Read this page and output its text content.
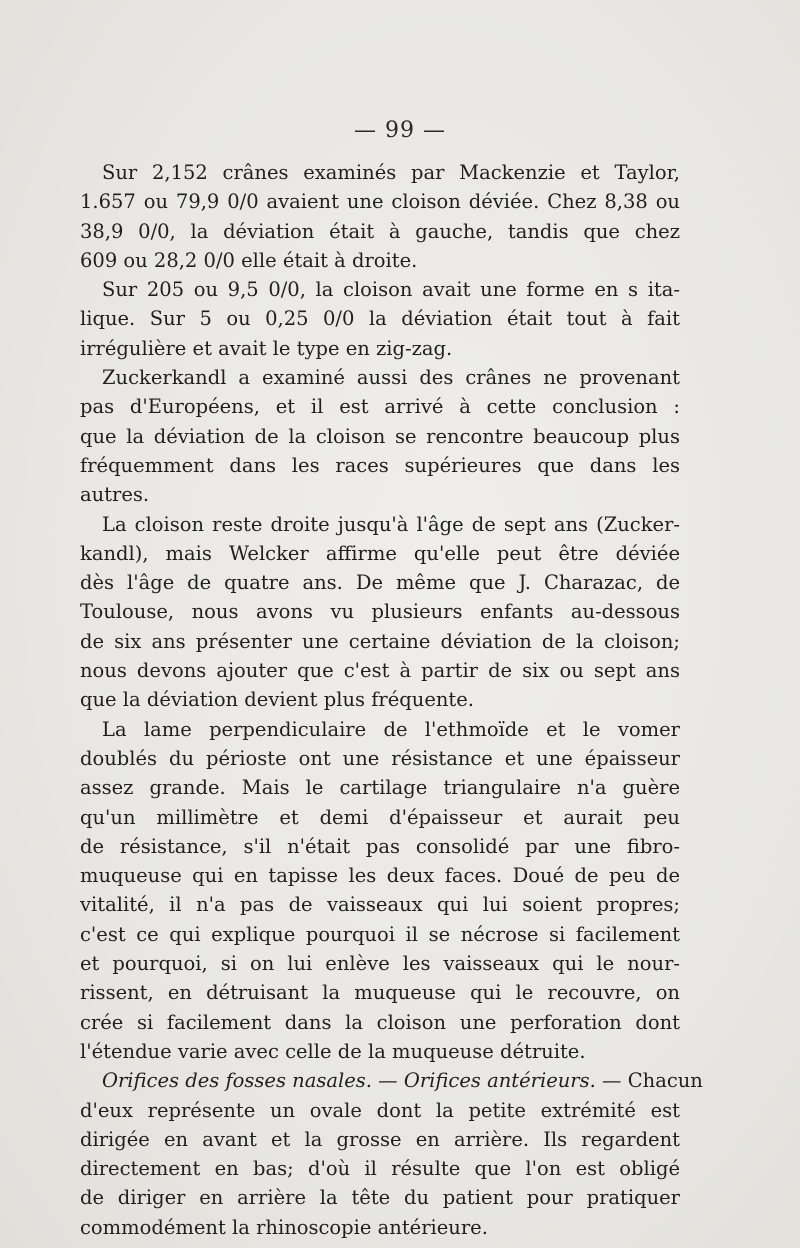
— 99 —
Sur 2,152 crânes examinés par Mackenzie et Taylor,
1.657 ou 79,9 0/0 avaient une cloison déviée. Chez 8,38 ou
38,9 0/0, la déviation était à gauche, tandis que chez
609 ou 28,2 0/0 elle était à droite.
Sur 205 ou 9,5 0/0, la cloison avait une forme en s ita-
lique. Sur 5 ou 0,25 0/0 la déviation était tout à fait
irrégulière et avait le type en zig-zag.
Zuckerkandl a examiné aussi des crânes ne provenant
pas d'Européens, et il est arrivé à cette conclusion :
que la déviation de la cloison se rencontre beaucoup plus
fréquemment dans les races supérieures que dans les
autres.
La cloison reste droite jusqu'à l'âge de sept ans (Zucker-
kandl), mais Welcker affirme qu'elle peut être déviée
dès l'âge de quatre ans. De même que J. Charazac, de
Toulouse, nous avons vu plusieurs enfants au-dessous
de six ans présenter une certaine déviation de la cloison;
nous devons ajouter que c'est à partir de six ou sept ans
que la déviation devient plus fréquente.
La lame perpendiculaire de l'ethmoïde et le vomer
doublés du périoste ont une résistance et une épaisseur
assez grande. Mais le cartilage triangulaire n'a guère
qu'un millimètre et demi d'épaisseur et aurait peu
de résistance, s'il n'était pas consolidé par une fibro-
muqueuse qui en tapisse les deux faces. Doué de peu de
vitalité, il n'a pas de vaisseaux qui lui soient propres;
c'est ce qui explique pourquoi il se nécrose si facilement
et pourquoi, si on lui enlève les vaisseaux qui le nour-
rissent, en détruisant la muqueuse qui le recouvre, on
crée si facilement dans la cloison une perforation dont
l'étendue varie avec celle de la muqueuse détruite.
Orifices des fosses nasales. — Orifices antérieurs. — Chacun
d'eux représente un ovale dont la petite extrémité est
dirigée en avant et la grosse en arrière. Ils regardent
directement en bas; d'où il résulte que l'on est obligé
de diriger en arrière la tête du patient pour pratiquer
commodément la rhinoscopie antérieure.
